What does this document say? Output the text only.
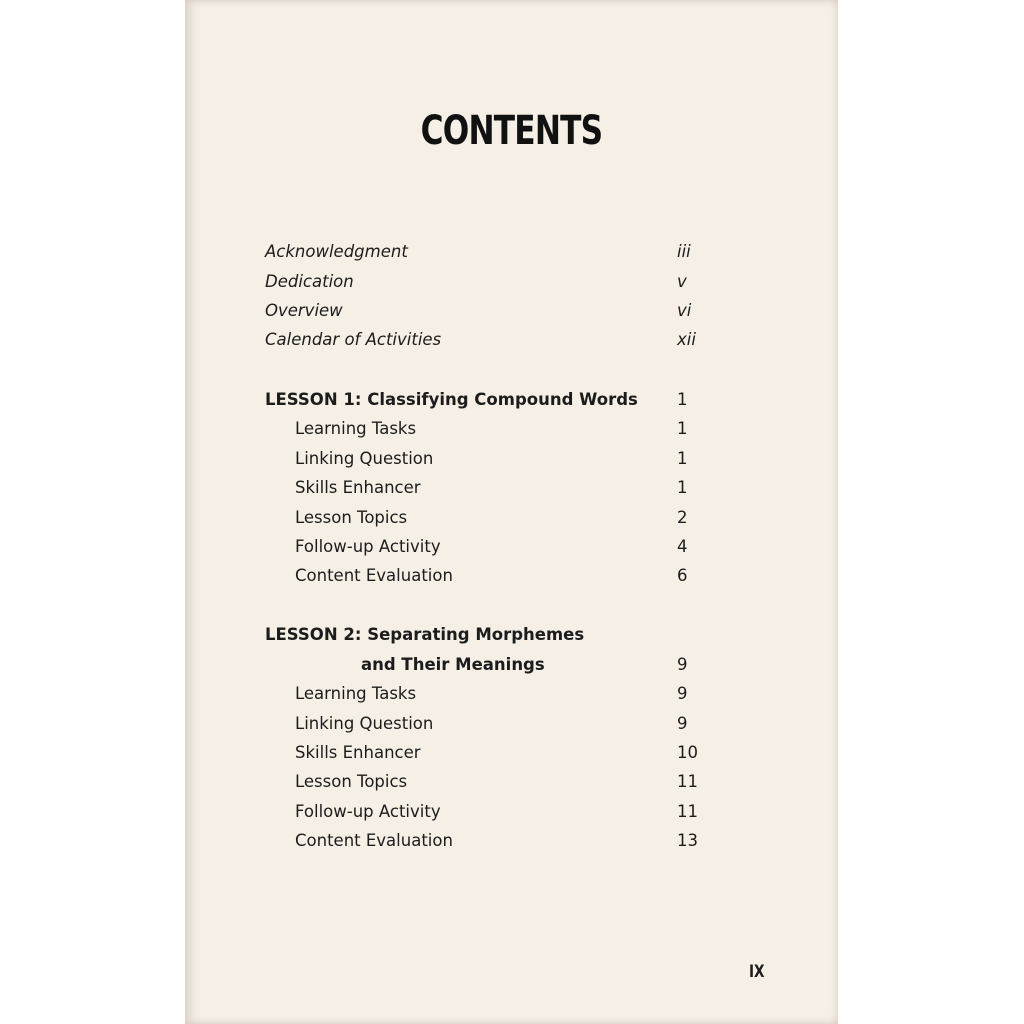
CONTENTS
Acknowledgment	iii
Dedication	v
Overview	vi
Calendar of Activities	xii
LESSON 1: Classifying Compound Words 1
Learning Tasks	1
Linking Question	1
Skills Enhancer	1
Lesson Topics	2
Follow-up Activity	4
Content Evaluation	6
LESSON 2: Separating Morphemes
and Their Meanings	9
Learning Tasks	9
Linking Question	9
Skills Enhancer	10
Lesson Topics	11
Follow-up Activity	11
Content Evaluation	13
IX
